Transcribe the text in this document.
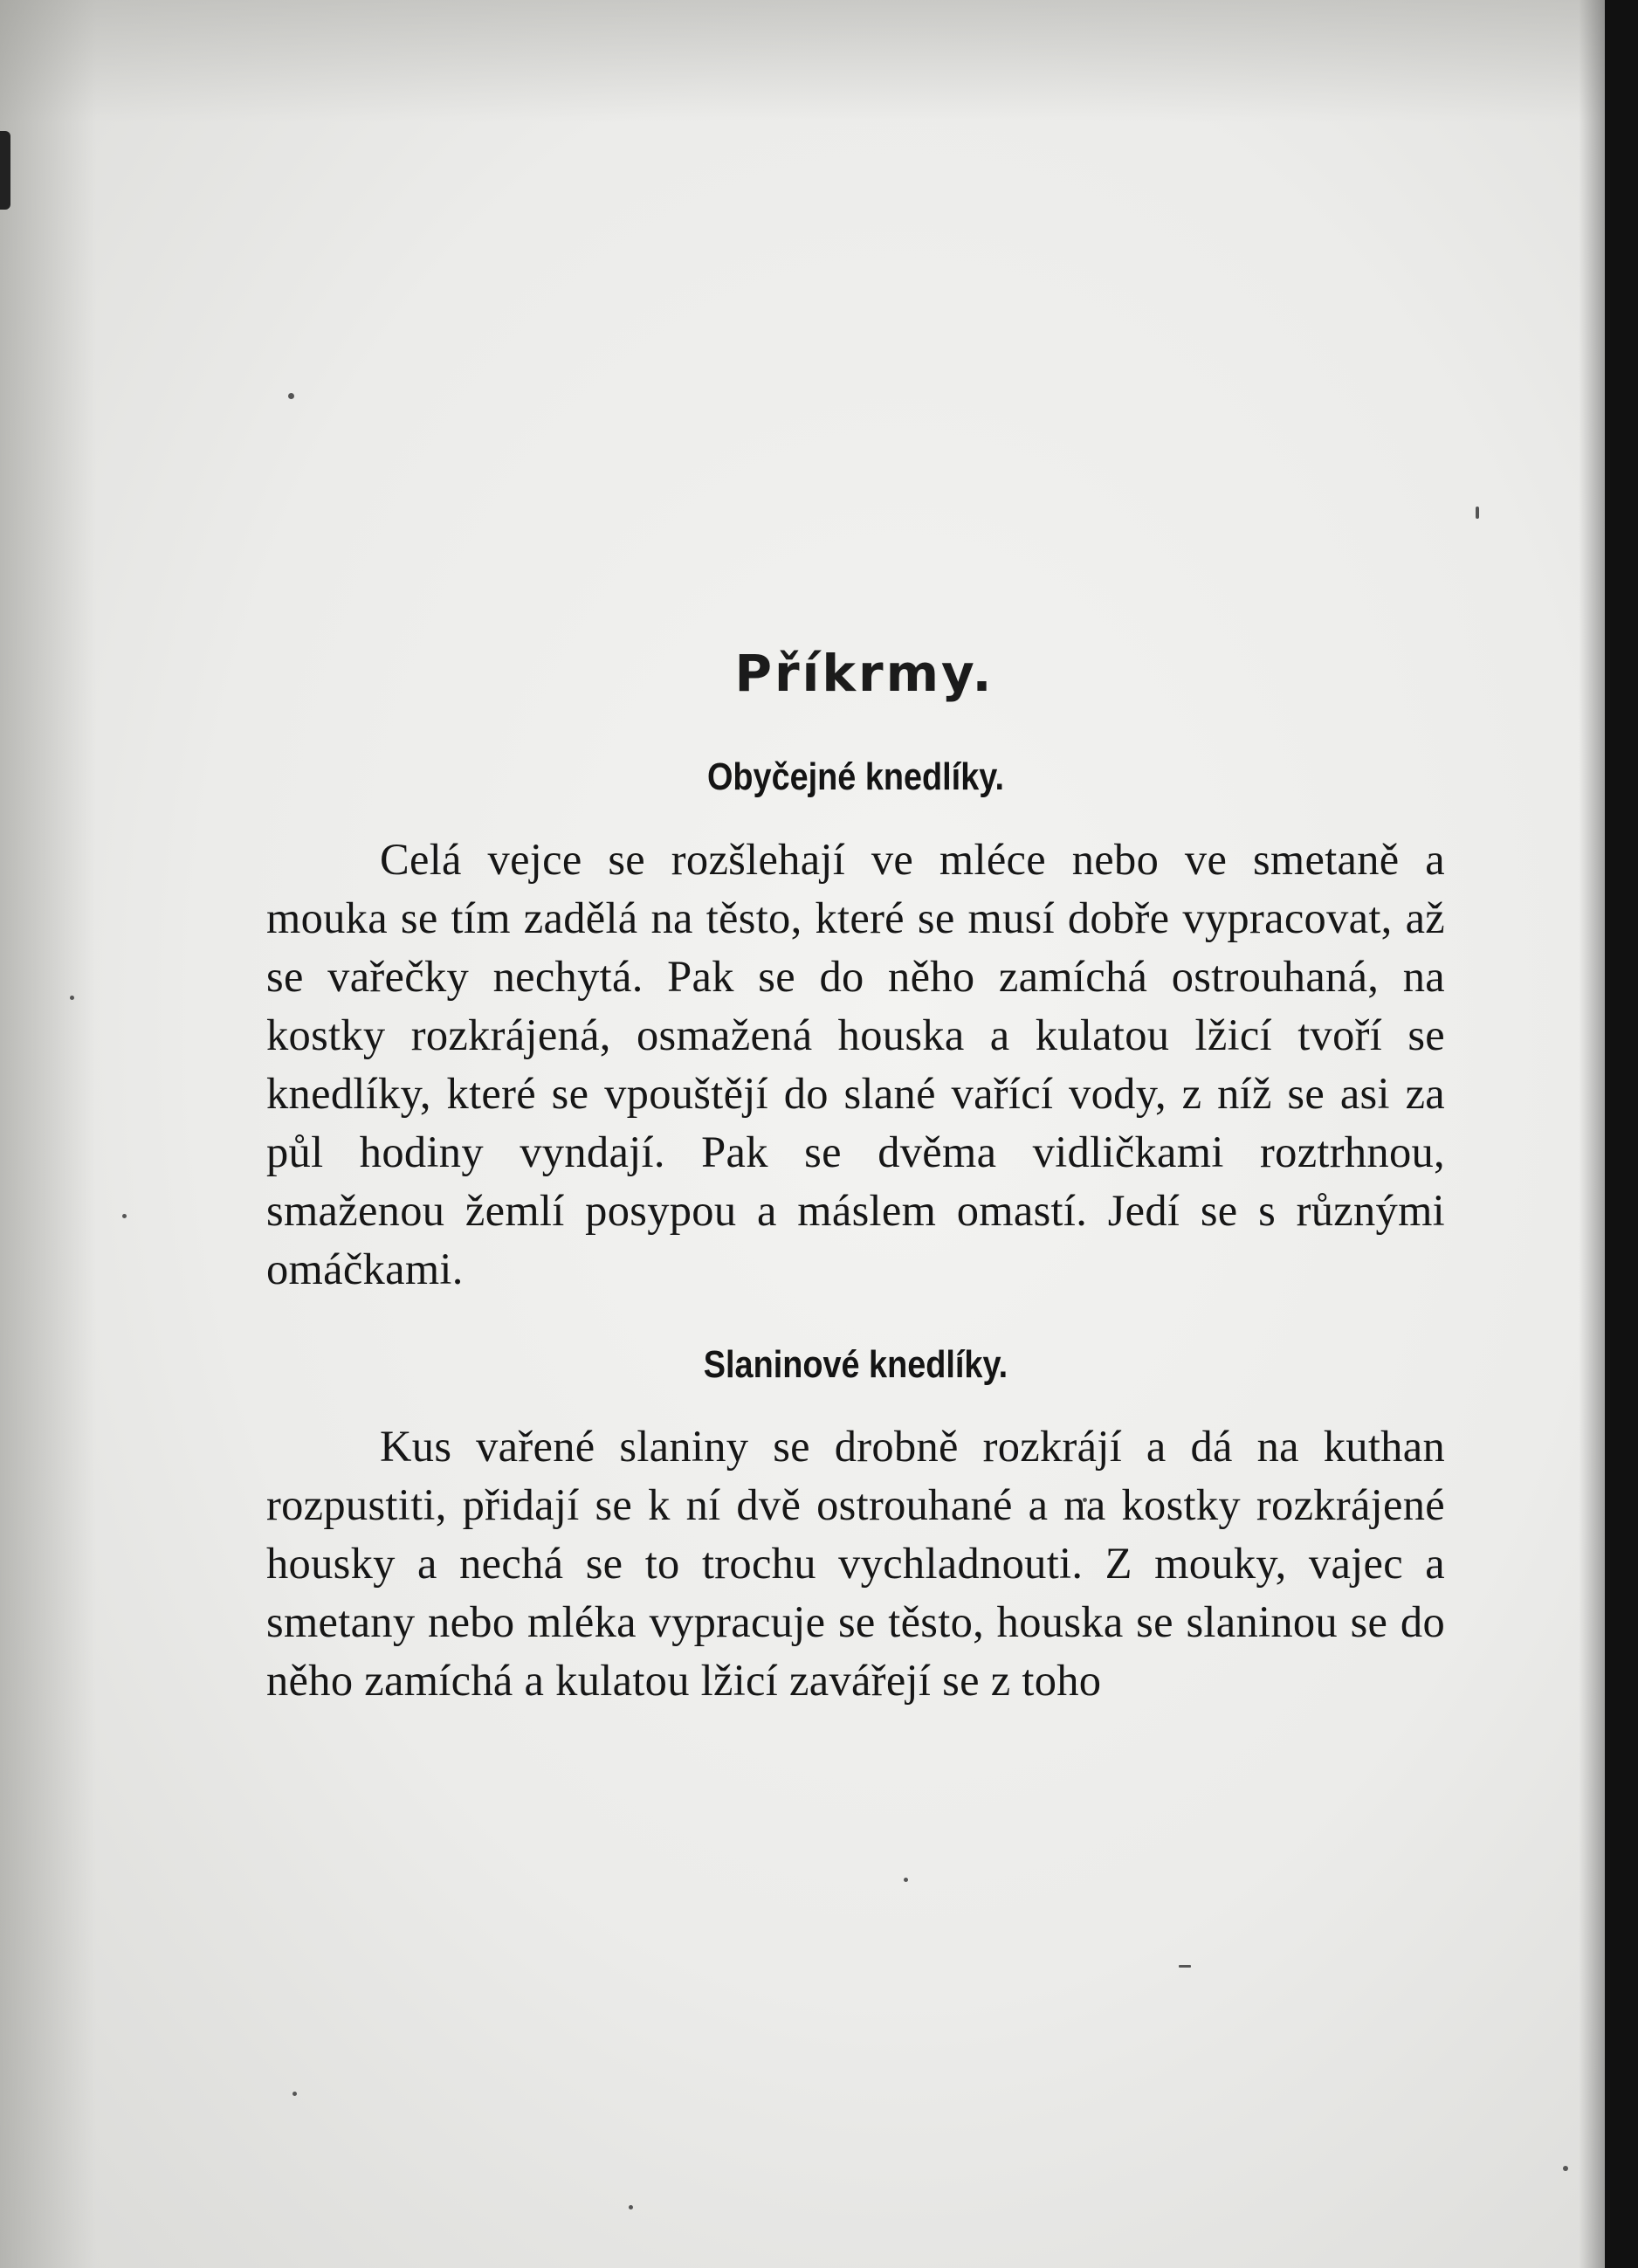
Příkrmy.
Obyčejné knedlíky.

Celá vejce se rozšlehají ve mléce nebo ve smetaně a mouka se tím zadělá na těsto, které se musí dobře vypracovat, až se vařečky nechytá. Pak se do něho zamíchá ostrouhaná, na kostky rozkrájená, osmažená houska a kulatou lžicí tvoří se knedlíky, které se vpouštějí do slané vařící vody, z níž se asi za půl hodiny vyndají. Pak se dvěma vidličkami roztrhnou, smaženou žemlí posypou a máslem omastí. Jedí se s různými omáčkami.

Slaninové knedlíky.

Kus vařené slaniny se drobně rozkrájí a dá na kuthan rozpustiti, přidají se k ní dvě ostrouhané a na kostky rozkrájené housky a nechá se to trochu vychladnouti. Z mouky, vajec a smetany nebo mléka vypracuje se těsto, houska se slaninou se do něho zamíchá a kulatou lžicí zavářejí se z toho
